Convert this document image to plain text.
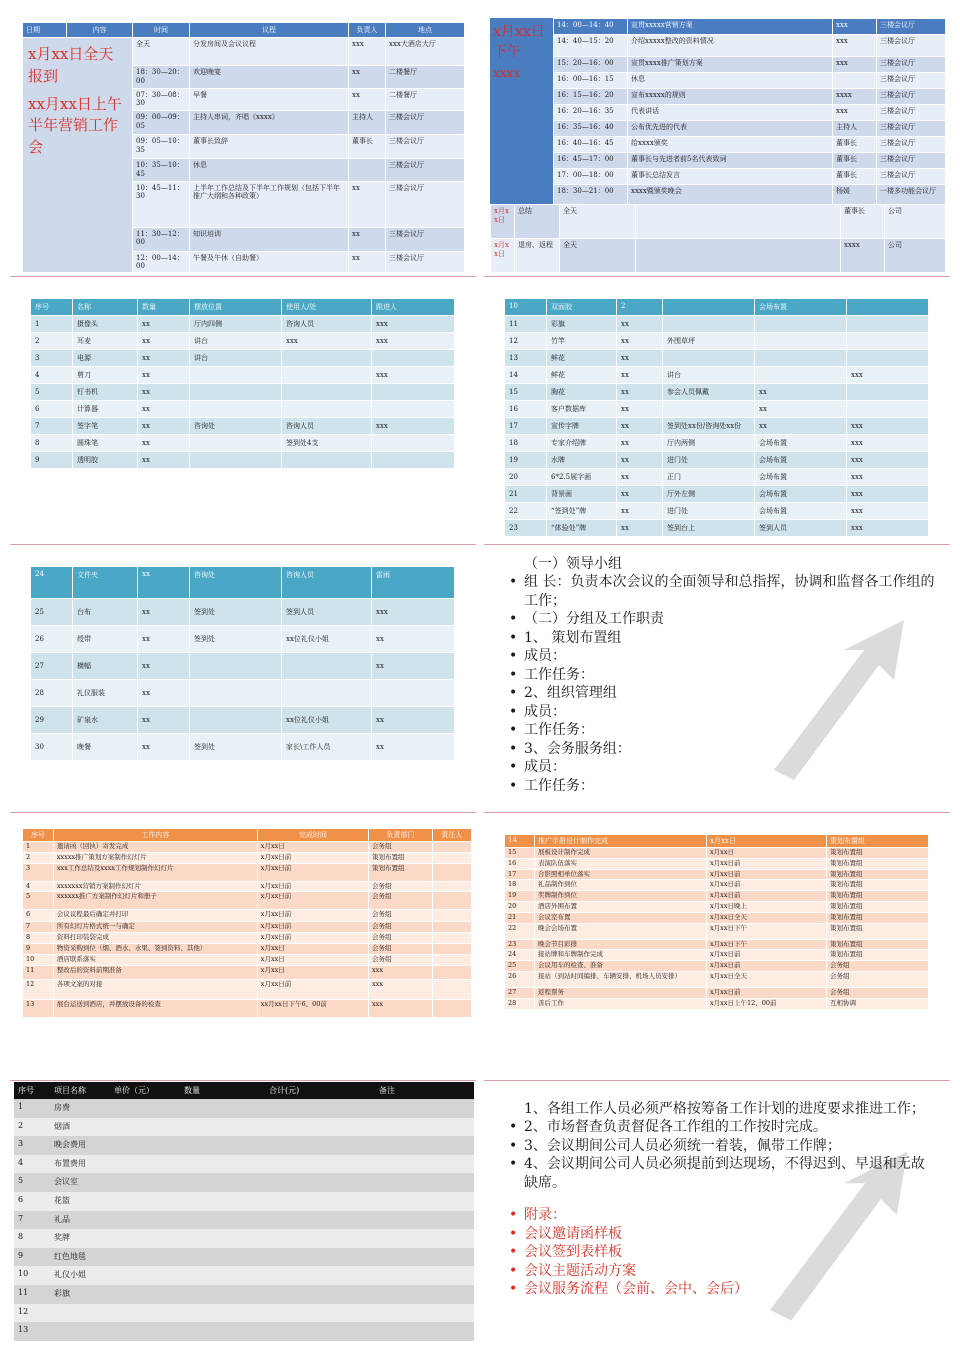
日期	内容	时间	议程	负责人	地点

x月xx日全天报到
xx月xx日上午半年营销工作会		全天	分发房间及会议议程	xxx	xxx大酒店大厅
		18：30—20：00	欢迎晚宴	xx	二楼餐厅
		07：30—08：30	早餐	xx	二楼餐厅
		09：00—09：05	主持人串词，齐唱《xxxx》	主持人	三楼会议厅
		09：05—10：35	董事长致辞	董事长	三楼会议厅
		10：35—10：45	休息		三楼会议厅
		10：45—11：30	上半年工作总结及下半年工作规划（包括下半年推广大纲和各种政策）	xx	三楼会议厅
		11：30—12：00	知识培训	xx	三楼会议厅
		12：00—14：00	午餐及午休（自助餐）	xx	三楼会议厅
x月xx日下午
xxxx
14：00—14：40	宣贯xxxxx营销方案	xxx	三楼会议厅
14：40—15：20	介绍xxxxx整改的资料情况	xxx	三楼会议厅
15：20—16：00	宣贯xxxx推广策划方案	xxx	三楼会议厅
16：00—16：15	休息		三楼会议厅
16：15—16：20	宣布xxxxx的规则	xxxx	三楼会议厅
16：20—16：35	代表讲话	xxx	三楼会议厅
16：35—16：40	公布优先进的代表	主持人	三楼会议厅
16：40—16：45	给xxxx颁奖	董事长	三楼会议厅
16：45—17：00	董事长与先进者前5名代表致词	董事长	三楼会议厅
17：00—18：00	董事长总结发言	董事长	三楼会议厅
18：30—21：00	xxxx暨颁奖晚会	杨媛	一楼多功能会议厅
x月xx日	总结	全天		董事长	公司
x月xx日	退房、返程	全天		xxxx	公司
序号	名称	数量	摆放位置	使用人/处	跟进人
1	摄像头	xx	厅内四侧	咨询人员	xxx
2	耳麦	xx	讲台	xxx	xxx
3	电源	xx	讲台		
4	剪刀	xx			xxx
5	钉书机	xx			
6	计算器	xx			
7	签字笔	xx	咨询处	咨询人员	xxx
8	圆珠笔	xx		签到处4支	
9	透明胶	xx			
10	双面胶	2		会场布置	
11	彩旗	xx			
12	竹竿	xx	外围草坪		
13	鲜花	xx			
14	鲜花	xx	讲台		xxx
15	胸花	xx	参会人员佩戴	xx	
16	客户数据库	xx		xx	
17	宣传字牌	xx	签到处xx份/咨询处xx份	xx	xxx
18	专家介绍牌	xx	厅内两侧	会场布置	xxx
19	水牌	xx	进门处	会场布置	xxx
20	6*2.5展字画	xx	正门	会场布置	xxx
21	背景画	xx	厅外左侧	会场布置	xxx
22	“签到处”牌	xx	进门处	会场布置	xxx
23	“体验处”牌	xx	签到台上	签到人员	xxx
24	文件夹	xx	咨询处	咨询人员	雷雨
25	台布	xx	签到处	签到人员	xxx
26	绶带	xx	签到处	xx位礼仪小姐	xx
27	横幅	xx			xx
28	礼仪服装	xx			
29	矿泉水	xx		xx位礼仪小姐	xx
30	晚餐	xx	签到处	家长\工作人员	xx
（一）领导小组
• 组 长：负责本次会议的全面领导和总指挥，协调和监督各工作组的工作；
• （二）分组及工作职责
• 1、 策划布置组
• 成员：
• 工作任务：
• 2、组织管理组
• 成员：
• 工作任务：
• 3、会务服务组：
• 成员：
• 工作任务：
序号	工作内容	完成时间	负责部门	责任人
1	邀请函（回执）寄发完成	x月xx日	会务组	
2	xxxxx推广策划方案制作幻灯片	x月xx日前	策划布置组	
3	xxx工作总结及xxxx工作规划制作幻灯片	x月xx日前	策划布置组	
4	xxxxxxx营销方案制作幻灯片	x月xx日前	会务组	
5	xxxxxx推广方案制作幻灯片和册子	x月xx日前	会务组	
6	会议议程最后确定并打印	x月xx日前	会务组	
7	所有幻灯片格式统一与确定	x月xx日前	会务组	
8	资料打印装袋完成	x月xx日前	会务组	
9	物资采购到位（烟、酒水、水果、签到资料、其他）	x月xx日	会务组	
10	酒店联系落实	x月xx日	会务组	
11	整改后的资料前期准备	x月xx日	xxx	
12	各项文案的对接	x月xx日前	xxx	
13	展台运送到酒店，并摆放设备的检查	xx月xx日下午6、00前	xxx	
14	推广手册设计制作完成	x月xx日	策划布置组
15	展板设计制作完成	x月xx日	策划布置组
16	表演队伍落实	x月xx日前	策划布置组
17	合影照相单位落实	x月xx日前	策划布置组
18	礼品制作到位	x月xx日前	策划布置组
19	奖牌制作到位	x月xx日前	策划布置组
20	酒店外围布置	x月xx日晚上	策划布置组
21	会议室布置	x月xx日全天	策划布置组
22	晚会会场布置	x月xx日下午	策划布置组
23	晚会节目彩排	x月xx日下午	策划布置组
24	接站牌和车牌制作完成	x月xx日前	策划布置组
25	会议用车的检查、准备	x月xx日前	会务组
26	接站（到站时间编排、车辆安排、机场人员安排）	x月xx日全天	会务组
27	返程票务	x月xx日前	会务组
28	善后工作	x月xx日上午12、00前	互相协调
序号	项目名称	单价（元）	数量	合计(元)	备注
1	房费				
2	烟酒				
3	晚会费用				
4	布置费用				
5	会议室				
6	花篮				
7	礼品				
8	奖牌				
9	红色地毯				
10	礼仪小姐				
11	彩旗				
12					
13					
1、各组工作人员必须严格按筹备工作计划的进度要求推进工作；
• 2、市场督查负责督促各工作组的工作按时完成。
• 3、会议期间公司人员必须统一着装，佩带工作牌；
• 4、会议期间公司人员必须提前到达现场，不得迟到、早退和无故缺席。
• 附录：
• 会议邀请函样板
• 会议签到表样板
• 会议主题活动方案
• 会议服务流程（会前、会中、会后）
